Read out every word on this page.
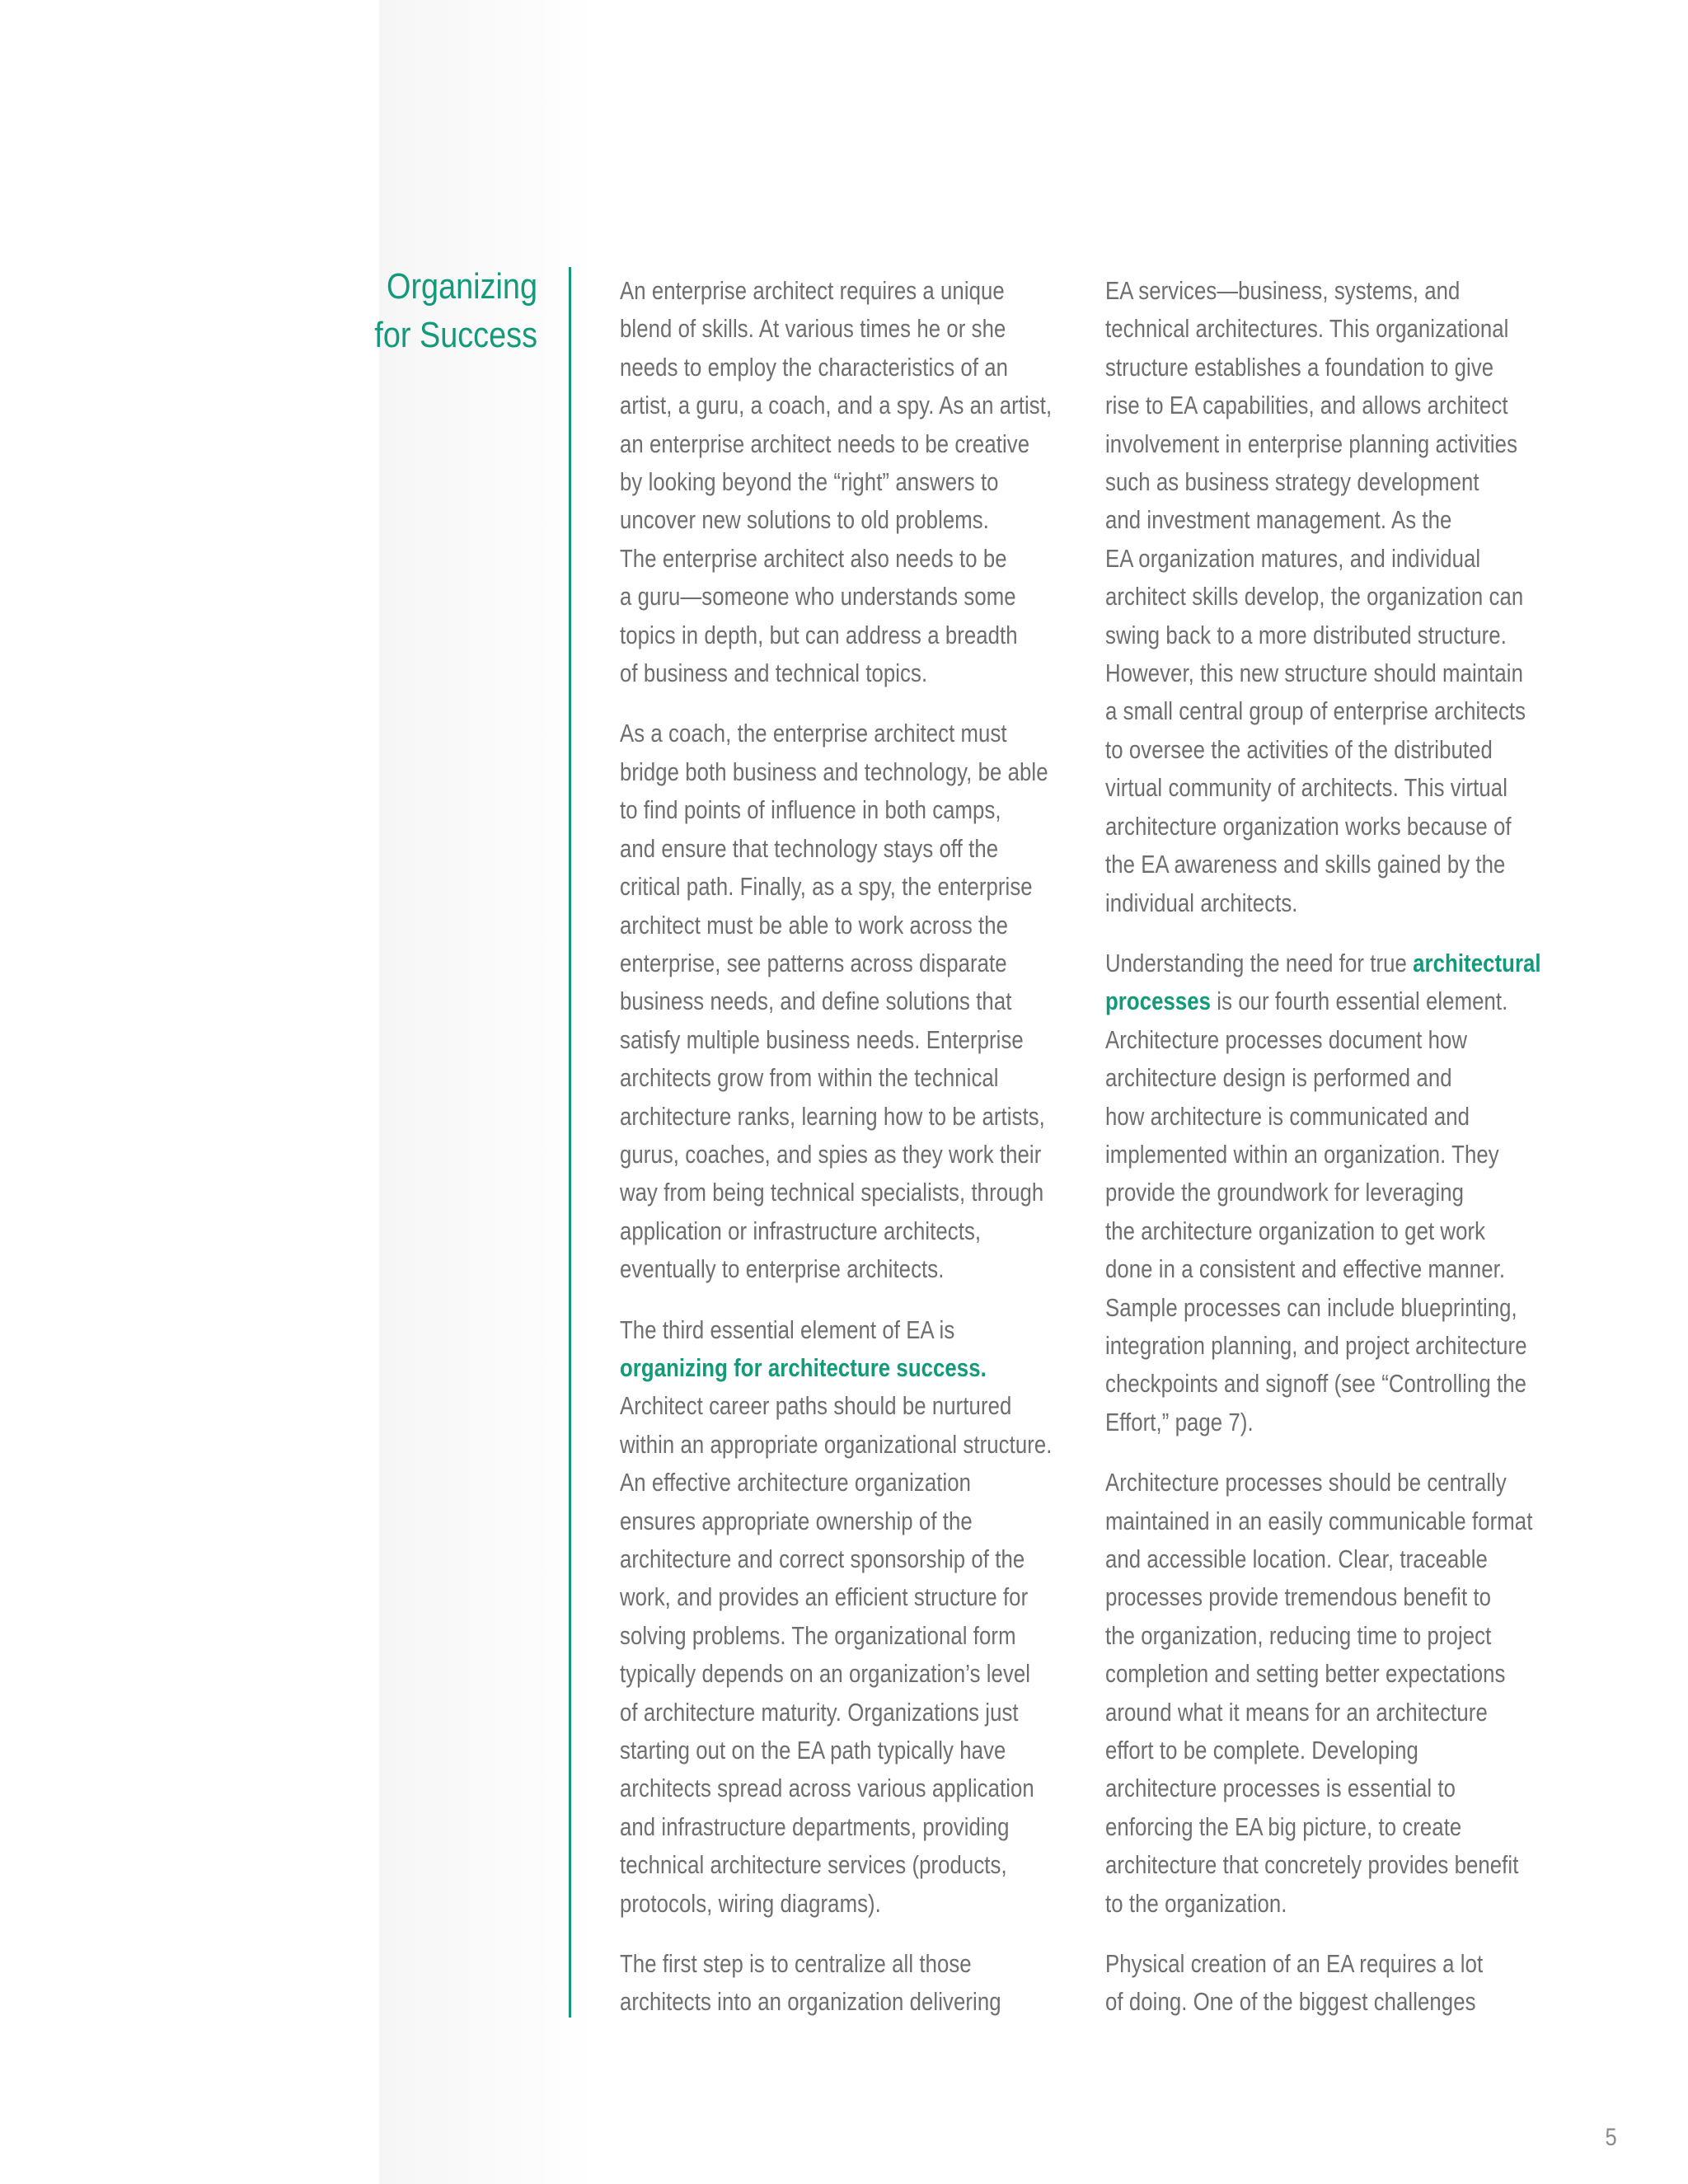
Organizing
for Success

An enterprise architect requires a unique
blend of skills. At various times he or she
needs to employ the characteristics of an
artist, a guru, a coach, and a spy. As an artist,
an enterprise architect needs to be creative
by looking beyond the “right” answers to
uncover new solutions to old problems.
The enterprise architect also needs to be
a guru—someone who understands some
topics in depth, but can address a breadth
of business and technical topics.

As a coach, the enterprise architect must
bridge both business and technology, be able
to find points of influence in both camps,
and ensure that technology stays off the
critical path. Finally, as a spy, the enterprise
architect must be able to work across the
enterprise, see patterns across disparate
business needs, and define solutions that
satisfy multiple business needs. Enterprise
architects grow from within the technical
architecture ranks, learning how to be artists,
gurus, coaches, and spies as they work their
way from being technical specialists, through
application or infrastructure architects,
eventually to enterprise architects.

The third essential element of EA is
organizing for architecture success.
Architect career paths should be nurtured
within an appropriate organizational structure.
An effective architecture organization
ensures appropriate ownership of the
architecture and correct sponsorship of the
work, and provides an efficient structure for
solving problems. The organizational form
typically depends on an organization’s level
of architecture maturity. Organizations just
starting out on the EA path typically have
architects spread across various application
and infrastructure departments, providing
technical architecture services (products,
protocols, wiring diagrams).

The first step is to centralize all those
architects into an organization delivering

EA services—business, systems, and
technical architectures. This organizational
structure establishes a foundation to give
rise to EA capabilities, and allows architect
involvement in enterprise planning activities
such as business strategy development
and investment management. As the
EA organization matures, and individual
architect skills develop, the organization can
swing back to a more distributed structure.
However, this new structure should maintain
a small central group of enterprise architects
to oversee the activities of the distributed
virtual community of architects. This virtual
architecture organization works because of
the EA awareness and skills gained by the
individual architects.

Understanding the need for true architectural
processes is our fourth essential element.
Architecture processes document how
architecture design is performed and
how architecture is communicated and
implemented within an organization. They
provide the groundwork for leveraging
the architecture organization to get work
done in a consistent and effective manner.
Sample processes can include blueprinting,
integration planning, and project architecture
checkpoints and signoff (see “Controlling the
Effort,” page 7).

Architecture processes should be centrally
maintained in an easily communicable format
and accessible location. Clear, traceable
processes provide tremendous benefit to
the organization, reducing time to project
completion and setting better expectations
around what it means for an architecture
effort to be complete. Developing
architecture processes is essential to
enforcing the EA big picture, to create
architecture that concretely provides benefit
to the organization.

Physical creation of an EA requires a lot
of doing. One of the biggest challenges

5
